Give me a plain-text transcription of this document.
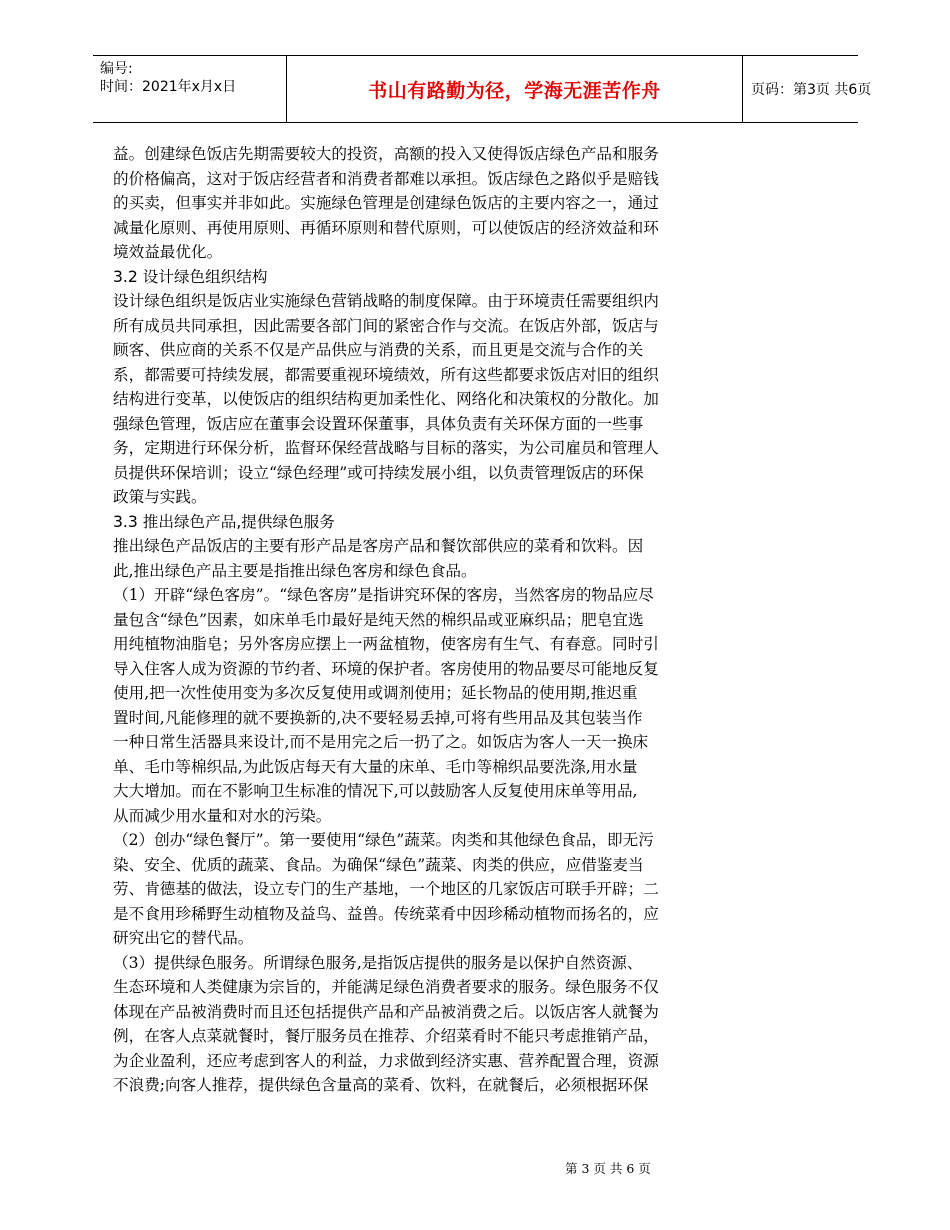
编号:
时间：2021年x月x日	书山有路勤为径，学海无涯苦作舟	页码：第3页 共6页
益。创建绿色饭店先期需要较大的投资，高额的投入又使得饭店绿色产品和服务
的价格偏高，这对于饭店经营者和消费者都难以承担。饭店绿色之路似乎是赔钱
的买卖，但事实并非如此。实施绿色管理是创建绿色饭店的主要内容之一，通过
减量化原则、再使用原则、再循环原则和替代原则，可以使饭店的经济效益和环
境效益最优化。
3.2 设计绿色组织结构
设计绿色组织是饭店业实施绿色营销战略的制度保障。由于环境责任需要组织内
所有成员共同承担，因此需要各部门间的紧密合作与交流。在饭店外部，饭店与
顾客、供应商的关系不仅是产品供应与消费的关系，而且更是交流与合作的关
系，都需要可持续发展，都需要重视环境绩效，所有这些都要求饭店对旧的组织
结构进行变革，以使饭店的组织结构更加柔性化、网络化和决策权的分散化。加
强绿色管理，饭店应在董事会设置环保董事，具体负责有关环保方面的一些事
务，定期进行环保分析，监督环保经营战略与目标的落实，为公司雇员和管理人
员提供环保培训；设立“绿色经理”或可持续发展小组，以负责管理饭店的环保
政策与实践。
3.3 推出绿色产品,提供绿色服务
推出绿色产品饭店的主要有形产品是客房产品和餐饮部供应的菜肴和饮料。因
此,推出绿色产品主要是指推出绿色客房和绿色食品。
（1）开辟“绿色客房”。“绿色客房”是指讲究环保的客房，当然客房的物品应尽
量包含“绿色”因素，如床单毛巾最好是纯天然的棉织品或亚麻织品；肥皂宜选
用纯植物油脂皂；另外客房应摆上一两盆植物，使客房有生气、有春意。同时引
导入住客人成为资源的节约者、环境的保护者。客房使用的物品要尽可能地反复
使用,把一次性使用变为多次反复使用或调剂使用；延长物品的使用期,推迟重
置时间,凡能修理的就不要换新的,决不要轻易丢掉,可将有些用品及其包装当作
一种日常生活器具来设计,而不是用完之后一扔了之。如饭店为客人一天一换床
单、毛巾等棉织品,为此饭店每天有大量的床单、毛巾等棉织品要洗涤,用水量
大大增加。而在不影响卫生标准的情况下,可以鼓励客人反复使用床单等用品,
从而减少用水量和对水的污染。
（2）创办“绿色餐厅”。第一要使用“绿色”蔬菜。肉类和其他绿色食品，即无污
染、安全、优质的蔬菜、食品。为确保“绿色”蔬菜、肉类的供应，应借鉴麦当
劳、肯德基的做法，设立专门的生产基地，一个地区的几家饭店可联手开辟；二
是不食用珍稀野生动植物及益鸟、益兽。传统菜肴中因珍稀动植物而扬名的，应
研究出它的替代品。
（3）提供绿色服务。所谓绿色服务,是指饭店提供的服务是以保护自然资源、
生态环境和人类健康为宗旨的，并能满足绿色消费者要求的服务。绿色服务不仅
体现在产品被消费时而且还包括提供产品和产品被消费之后。以饭店客人就餐为
例，在客人点菜就餐时，餐厅服务员在推荐、介绍菜肴时不能只考虑推销产品，
为企业盈利，还应考虑到客人的利益，力求做到经济实惠、营养配置合理，资源
不浪费;向客人推荐，提供绿色含量高的菜肴、饮料，在就餐后，必须根据环保
第 3 页 共 6 页
